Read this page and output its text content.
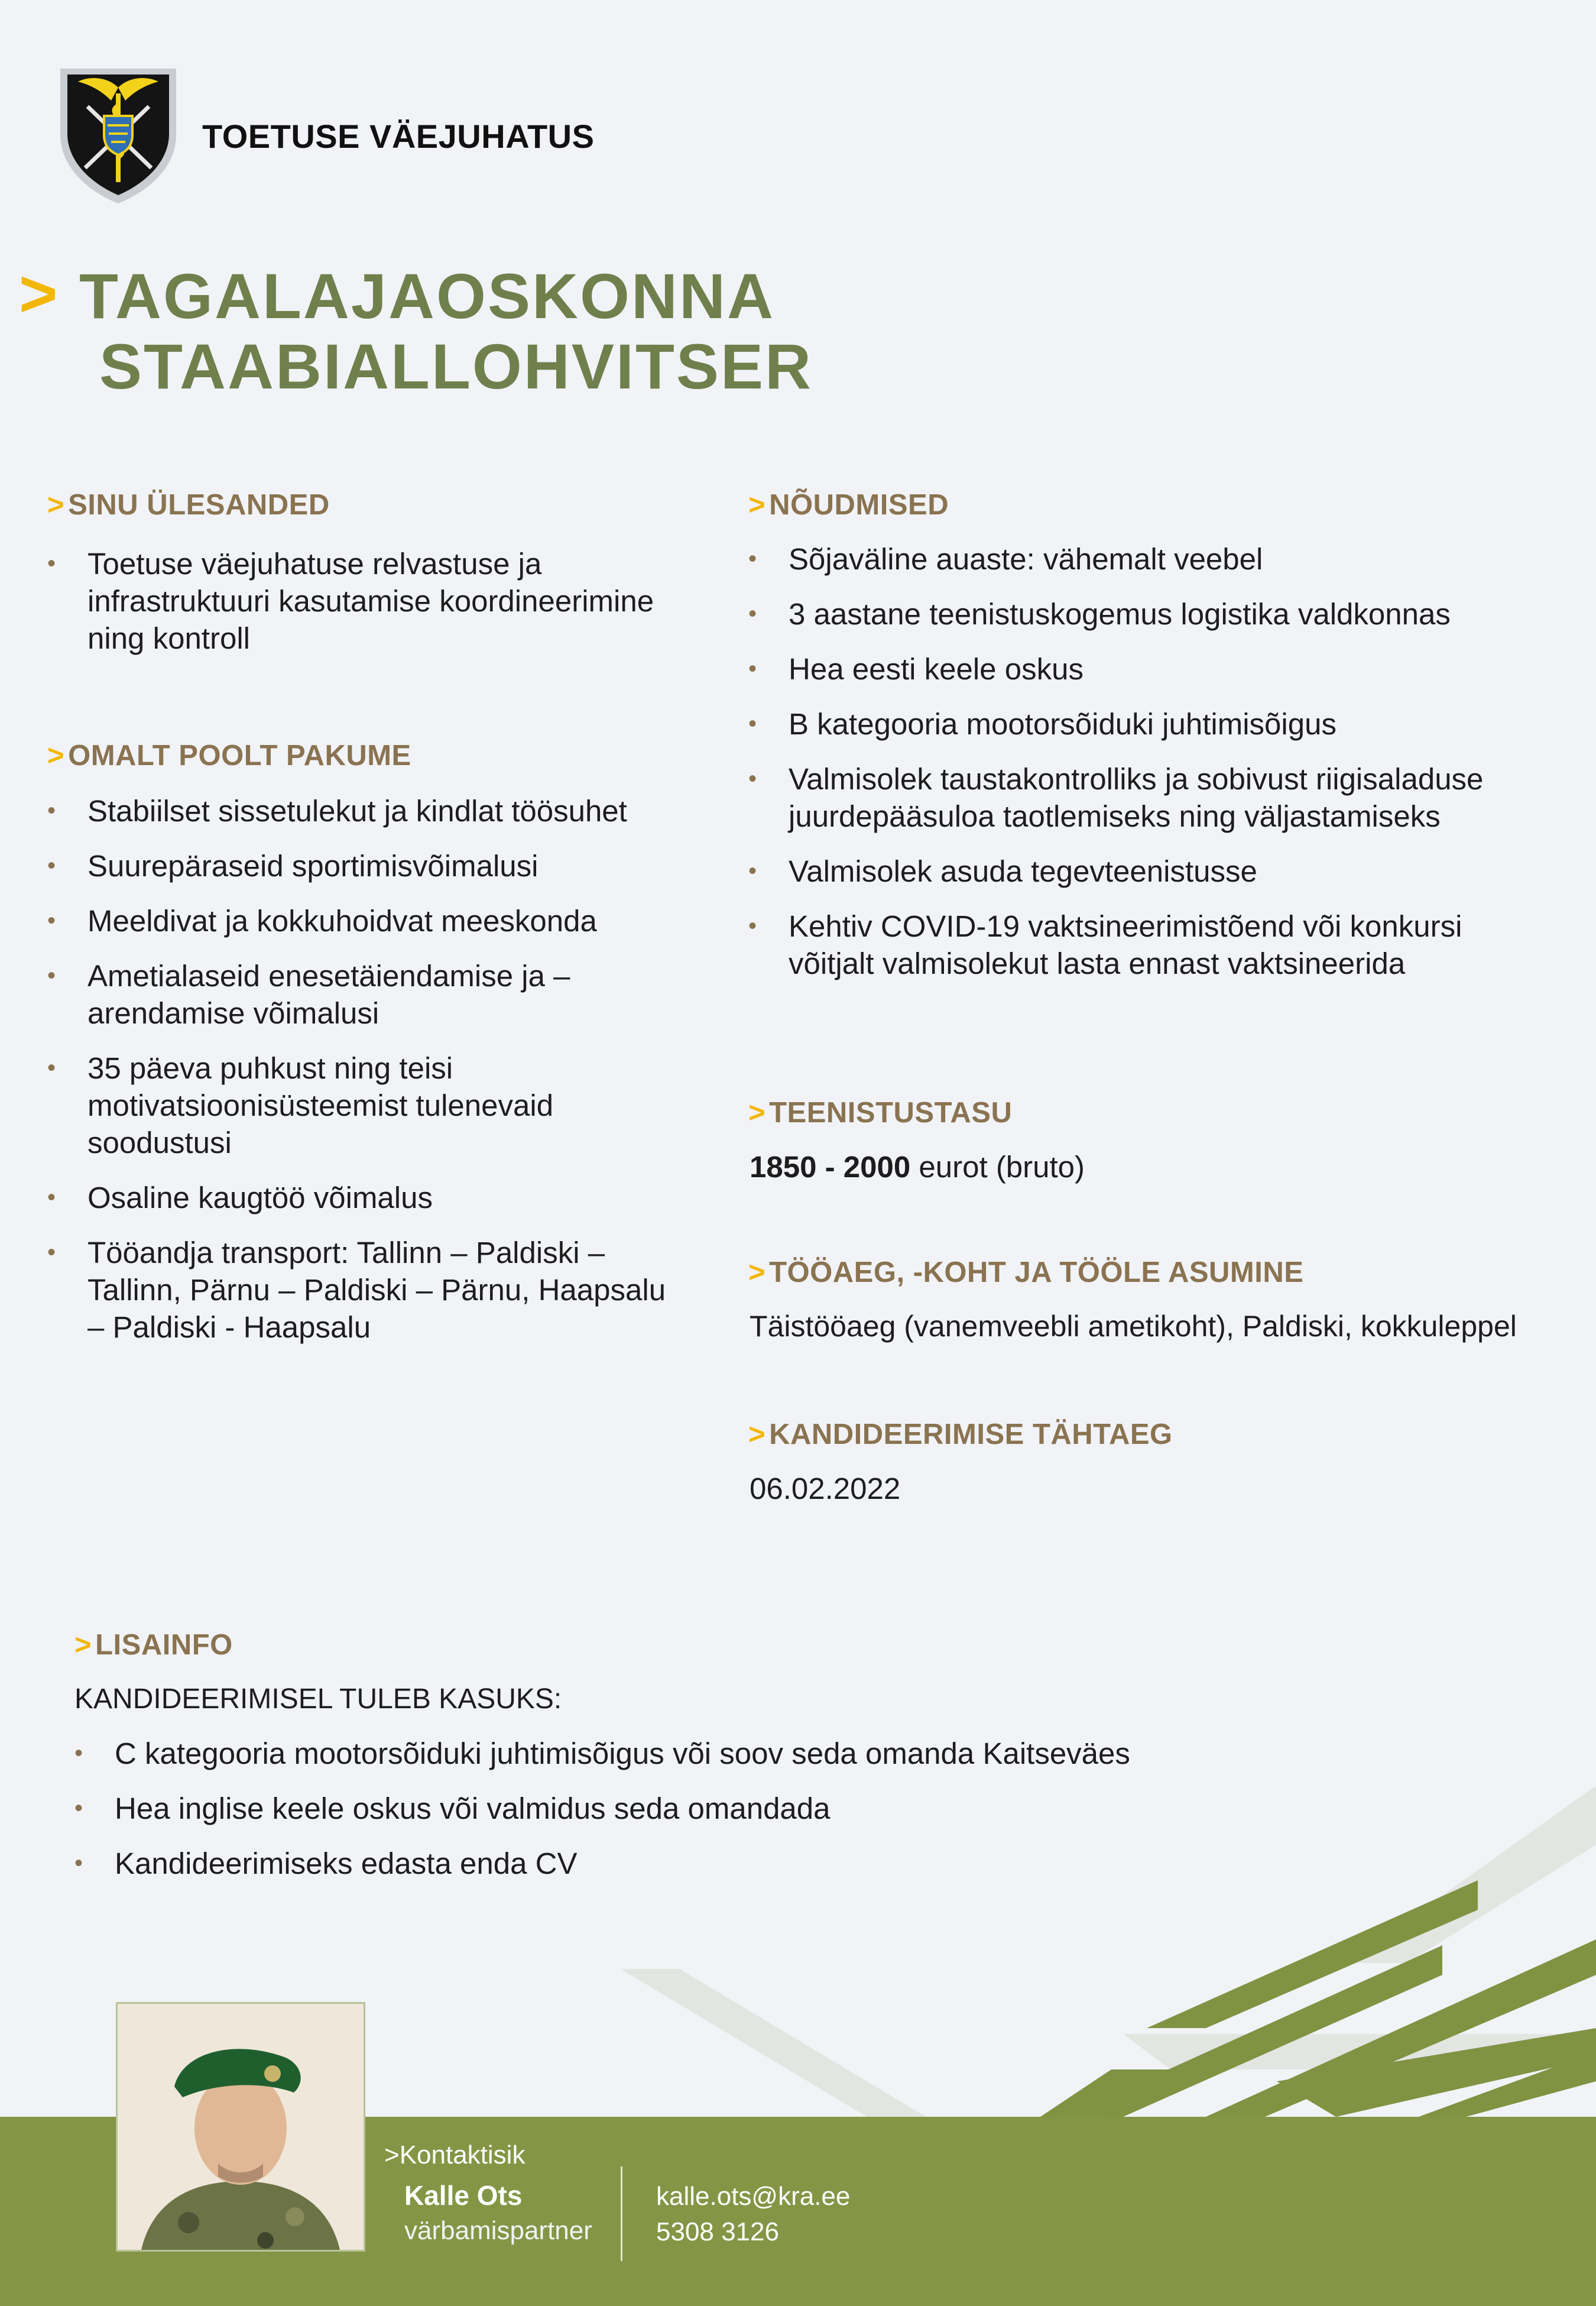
TOETUSE VÄEJUHATUS
> TAGALAJAOSKONNA
STAABIALLOHVITSER
> SINU ÜLESANDED
• Toetuse väejuhatuse relvastuse ja infrastruktuuri kasutamise koordineerimine ning kontroll
> OMALT POOLT PAKUME
• Stabiilset sissetulekut ja kindlat töösuhet
• Suurepäraseid sportimisvõimalusi
• Meeldivat ja kokkuhoidvat meeskonda
• Ametialaseid enesetäiendamise ja –arendamise võimalusi
• 35 päeva puhkust ning teisi motivatsioonisüsteemist tulenevaid soodustusi
• Osaline kaugtöö võimalus
• Tööandja transport: Tallinn – Paldiski – Tallinn, Pärnu – Paldiski – Pärnu, Haapsalu – Paldiski - Haapsalu
> NÕUDMISED
• Sõjaväline auaste: vähemalt veebel
• 3 aastane teenistuskogemus logistika valdkonnas
• Hea eesti keele oskus
• B kategooria mootorsõiduki juhtimisõigus
• Valmisolek taustakontrolliks ja sobivust riigisaladuse juurdepääsuloa taotlemiseks ning väljastamiseks
• Valmisolek asuda tegevteenistusse
• Kehtiv COVID-19 vaktsineerimistõend või konkursi võitjalt valmisolekut lasta ennast vaktsineerida
> TEENISTUSTASU
1850 - 2000 eurot (bruto)
> TÖÖAEG, -KOHT JA TÖÖLE ASUMINE
Täistööaeg (vanemveebli ametikoht), Paldiski, kokkuleppel
> KANDIDEERIMISE TÄHTAEG
06.02.2022
> LISAINFO
KANDIDEERIMISEL TULEB KASUKS:
• C kategooria mootorsõiduki juhtimisõigus või soov seda omanda Kaitseväes
• Hea inglise keele oskus või valmidus seda omandada
• Kandideerimiseks edasta enda CV
>Kontaktisik
Kalle Ots
värbamispartner
kalle.ots@kra.ee
5308 3126
